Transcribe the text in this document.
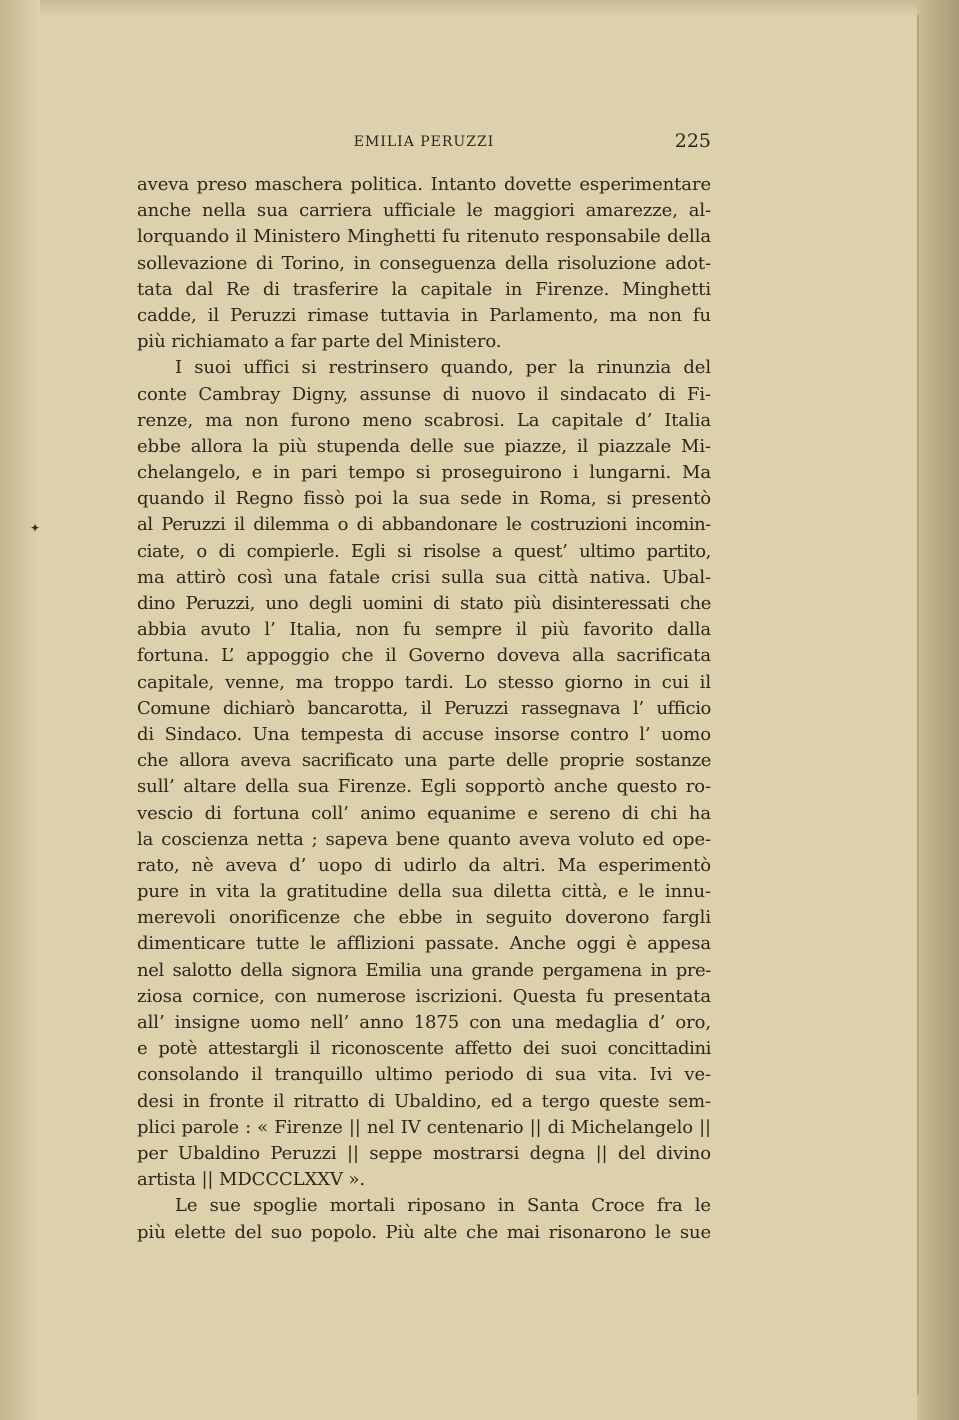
✦
EMILIA PERUZZI	225
aveva preso maschera politica. Intanto dovette esperimentare
anche nella sua carriera ufficiale le maggiori amarezze, al-
lorquando il Ministero Minghetti fu ritenuto responsabile della
sollevazione di Torino, in conseguenza della risoluzione adot-
tata dal Re di trasferire la capitale in Firenze. Minghetti
cadde, il Peruzzi rimase tuttavia in Parlamento, ma non fu
più richiamato a far parte del Ministero.
I suoi uffici si restrinsero quando, per la rinunzia del
conte Cambray Digny, assunse di nuovo il sindacato di Fi-
renze, ma non furono meno scabrosi. La capitale d’ Italia
ebbe allora la più stupenda delle sue piazze, il piazzale Mi-
chelangelo, e in pari tempo si proseguirono i lungarni. Ma
quando il Regno fissò poi la sua sede in Roma, si presentò
al Peruzzi il dilemma o di abbandonare le costruzioni incomin-
ciate, o di compierle. Egli si risolse a quest’ ultimo partito,
ma attirò così una fatale crisi sulla sua città nativa. Ubal-
dino Peruzzi, uno degli uomini di stato più disinteressati che
abbia avuto l’ Italia, non fu sempre il più favorito dalla
fortuna. L’ appoggio che il Governo doveva alla sacrificata
capitale, venne, ma troppo tardi. Lo stesso giorno in cui il
Comune dichiarò bancarotta, il Peruzzi rassegnava l’ ufficio
di Sindaco. Una tempesta di accuse insorse contro l’ uomo
che allora aveva sacrificato una parte delle proprie sostanze
sull’ altare della sua Firenze. Egli sopportò anche questo ro-
vescio di fortuna coll’ animo equanime e sereno di chi ha
la coscienza netta ; sapeva bene quanto aveva voluto ed ope-
rato, nè aveva d’ uopo di udirlo da altri. Ma esperimentò
pure in vita la gratitudine della sua diletta città, e le innu-
merevoli onorificenze che ebbe in seguito doverono fargli
dimenticare tutte le afflizioni passate. Anche oggi è appesa
nel salotto della signora Emilia una grande pergamena in pre-
ziosa cornice, con numerose iscrizioni. Questa fu presentata
all’ insigne uomo nell’ anno 1875 con una medaglia d’ oro,
e potè attestargli il riconoscente affetto dei suoi concittadini
consolando il tranquillo ultimo periodo di sua vita. Ivi ve-
desi in fronte il ritratto di Ubaldino, ed a tergo queste sem-
plici parole : « Firenze || nel IV centenario || di Michelangelo ||
per Ubaldino Peruzzi || seppe mostrarsi degna || del divino
artista || MDCCCLXXV ».
Le sue spoglie mortali riposano in Santa Croce fra le
più elette del suo popolo. Più alte che mai risonarono le sue
